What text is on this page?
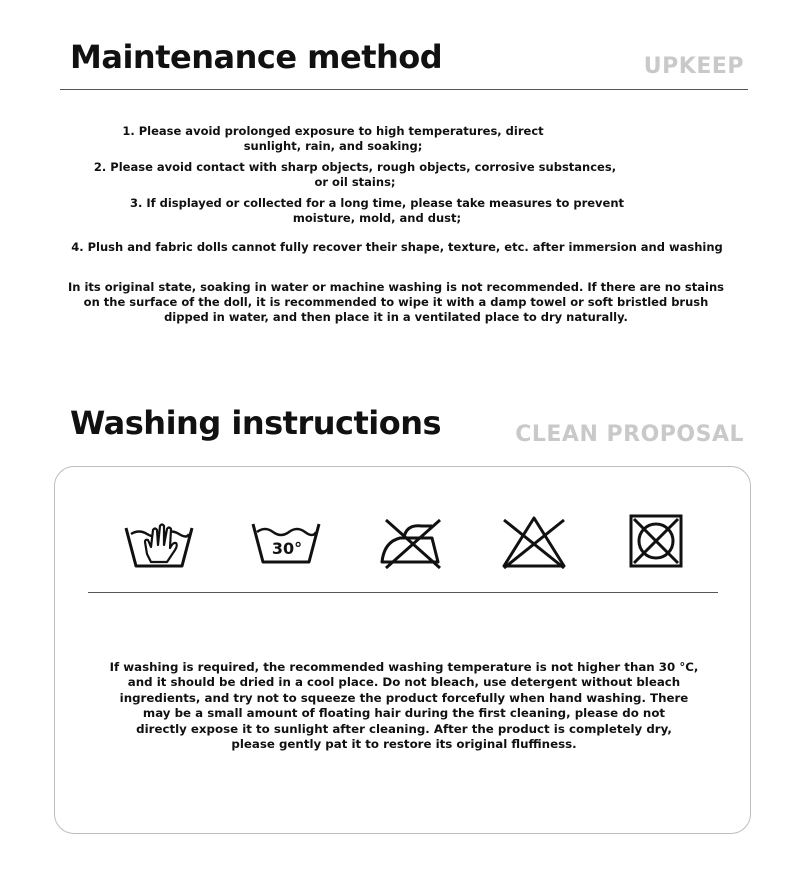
Maintenance method	UPKEEP
1. Please avoid prolonged exposure to high temperatures, direct
sunlight, rain, and soaking;
2. Please avoid contact with sharp objects, rough objects, corrosive substances,
or oil stains;
3. If displayed or collected for a long time, please take measures to prevent
moisture, mold, and dust;
4. Plush and fabric dolls cannot fully recover their shape, texture, etc. after immersion and washing
In its original state, soaking in water or machine washing is not recommended. If there are no stains
on the surface of the doll, it is recommended to wipe it with a damp towel or soft bristled brush
dipped in water, and then place it in a ventilated place to dry naturally.
Washing instructions	CLEAN PROPOSAL
30°
If washing is required, the recommended washing temperature is not higher than 30 °C,
and it should be dried in a cool place. Do not bleach, use detergent without bleach
ingredients, and try not to squeeze the product forcefully when hand washing. There
may be a small amount of floating hair during the first cleaning, please do not
directly expose it to sunlight after cleaning. After the product is completely dry,
please gently pat it to restore its original fluffiness.
